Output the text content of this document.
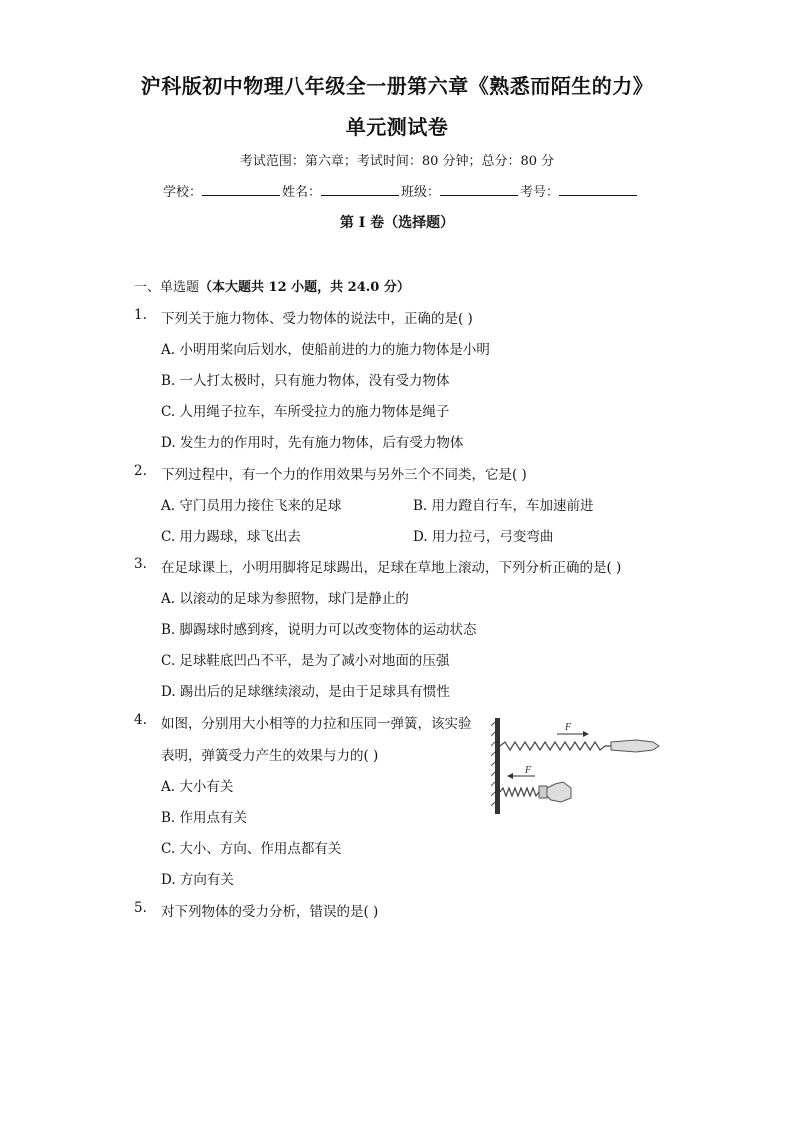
沪科版初中物理八年级全一册第六章《熟悉而陌生的力》
单元测试卷
考试范围：第六章；考试时间：80 分钟；总分：80 分
学校：	姓名：	班级：	考号：
第 I 卷（选择题）
一、单选题（本大题共 12 小题，共 24.0 分）
1. 下列关于施力物体、受力物体的说法中，正确的是( )
A. 小明用桨向后划水，使船前进的力的施力物体是小明
B. 一人打太极时，只有施力物体，没有受力物体
C. 人用绳子拉车，车所受拉力的施力物体是绳子
D. 发生力的作用时，先有施力物体，后有受力物体
2. 下列过程中，有一个力的作用效果与另外三个不同类，它是( )
A. 守门员用力接住飞来的足球	B. 用力蹬自行车，车加速前进
C. 用力踢球，球飞出去	D. 用力拉弓，弓变弯曲
3. 在足球课上，小明用脚将足球踢出，足球在草地上滚动，下列分析正确的是( )
A. 以滚动的足球为参照物，球门是静止的
B. 脚踢球时感到疼，说明力可以改变物体的运动状态
C. 足球鞋底凹凸不平，是为了减小对地面的压强
D. 踢出后的足球继续滚动，是由于足球具有惯性
4. 如图，分别用大小相等的力拉和压同一弹簧，该实验
表明，弹簧受力产生的效果与力的( )
A. 大小有关
B. 作用点有关
C. 大小、方向、作用点都有关
D. 方向有关
F
F
5. 对下列物体的受力分析，错误的是( )
